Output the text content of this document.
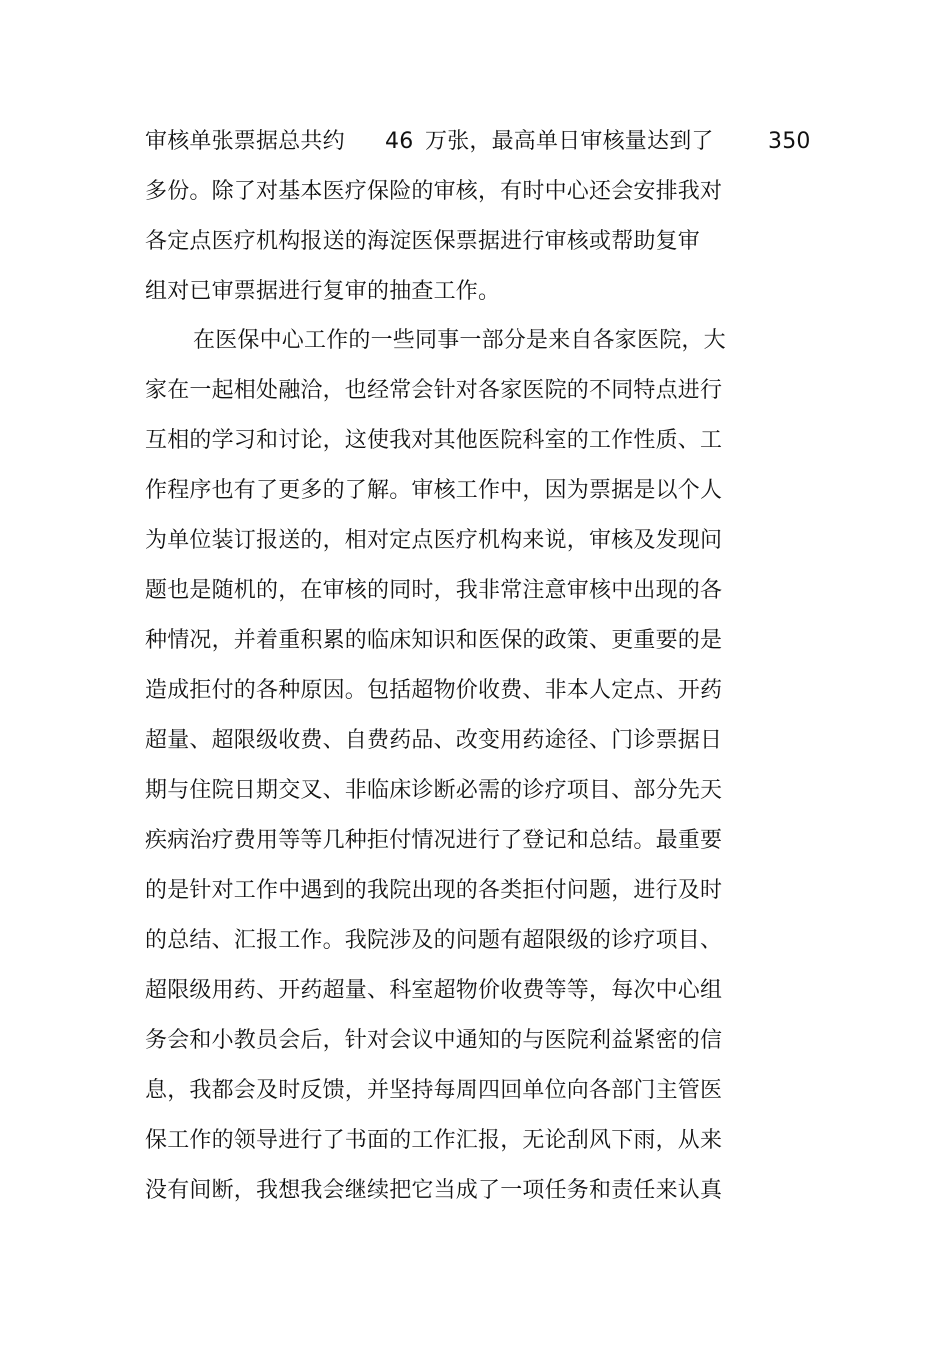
审核单张票据总共约 46 万张，最高单日审核量达到了 350
多份。除了对基本医疗保险的审核，有时中心还会安排我对
各定点医疗机构报送的海淀医保票据进行审核或帮助复审
组对已审票据进行复审的抽查工作。
在医保中心工作的一些同事一部分是来自各家医院，大
家在一起相处融洽，也经常会针对各家医院的不同特点进行
互相的学习和讨论，这使我对其他医院科室的工作性质、工
作程序也有了更多的了解。审核工作中，因为票据是以个人
为单位装订报送的，相对定点医疗机构来说，审核及发现问
题也是随机的，在审核的同时，我非常注意审核中出现的各
种情况，并着重积累的临床知识和医保的政策、更重要的是
造成拒付的各种原因。包括超物价收费、非本人定点、开药
超量、超限级收费、自费药品、改变用药途径、门诊票据日
期与住院日期交叉、非临床诊断必需的诊疗项目、部分先天
疾病治疗费用等等几种拒付情况进行了登记和总结。最重要
的是针对工作中遇到的我院出现的各类拒付问题，进行及时
的总结、汇报工作。我院涉及的问题有超限级的诊疗项目、
超限级用药、开药超量、科室超物价收费等等，每次中心组
务会和小教员会后，针对会议中通知的与医院利益紧密的信
息，我都会及时反馈，并坚持每周四回单位向各部门主管医
保工作的领导进行了书面的工作汇报，无论刮风下雨，从来
没有间断，我想我会继续把它当成了一项任务和责任来认真
